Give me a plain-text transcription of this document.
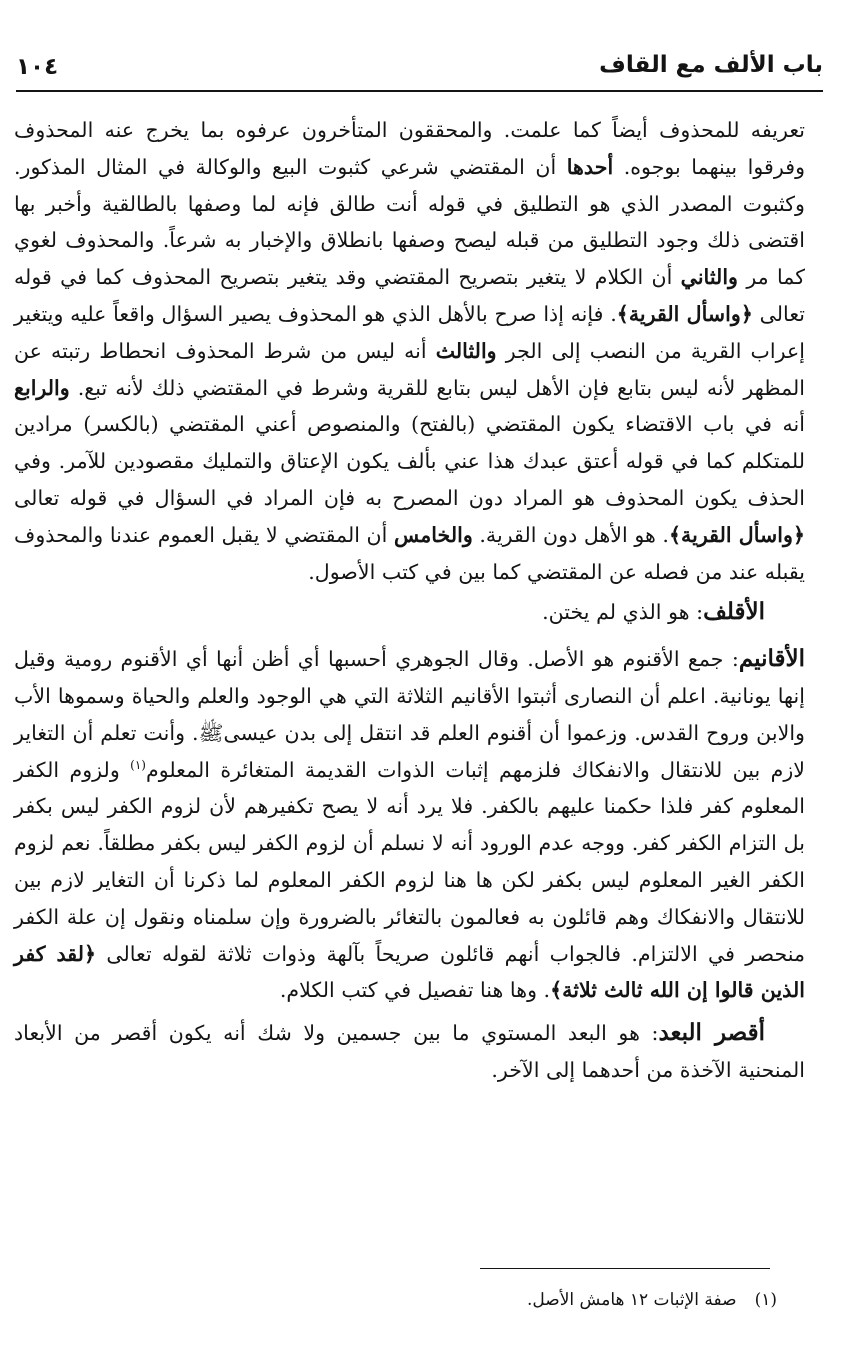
باب الألف مع القاف
١٠٤

تعريفه للمحذوف أيضاً كما علمت. والمحققون المتأخرون عرفوه بما يخرج عنه المحذوف وفرقوا بينهما بوجوه. أحدها أن المقتضي شرعي كثبوت البيع والوكالة في المثال المذكور. وكثبوت المصدر الذي هو التطليق في قوله أنت طالق فإنه لما وصفها بالطالقية وأخبر بها اقتضى ذلك وجود التطليق من قبله ليصح وصفها بانطلاق والإخبار به شرعاً. والمحذوف لغوي كما مر والثاني أن الكلام لا يتغير بتصريح المقتضي وقد يتغير بتصريح المحذوف كما في قوله تعالى ﴿واسأل القرية﴾. فإنه إذا صرح بالأهل الذي هو المحذوف يصير السؤال واقعاً عليه ويتغير إعراب القرية من النصب إلى الجر والثالث أنه ليس من شرط المحذوف انحطاط رتبته عن المظهر لأنه ليس بتابع فإن الأهل ليس بتابع للقرية وشرط في المقتضي ذلك لأنه تبع. والرابع أنه في باب الاقتضاء يكون المقتضي (بالفتح) والمنصوص أعني المقتضي (بالكسر) مرادين للمتكلم كما في قوله أعتق عبدك هذا عني بألف يكون الإعتاق والتمليك مقصودين للآمر. وفي الحذف يكون المحذوف هو المراد دون المصرح به فإن المراد في السؤال في قوله تعالى ﴿واسأل القرية﴾. هو الأهل دون القرية. والخامس أن المقتضي لا يقبل العموم عندنا والمحذوف يقبله عند من فصله عن المقتضي كما بين في كتب الأصول.

الأقلف: هو الذي لم يختن.

الأقانيم: جمع الأقنوم هو الأصل. وقال الجوهري أحسبها أي أظن أنها أي الأقنوم رومية وقيل إنها يونانية. اعلم أن النصارى أثبتوا الأقانيم الثلاثة التي هي الوجود والعلم والحياة وسموها الأب والابن وروح القدس. وزعموا أن أقنوم العلم قد انتقل إلى بدن عيسىﷺ. وأنت تعلم أن التغاير لازم بين للانتقال والانفكاك فلزمهم إثبات الذوات القديمة المتغائرة المعلوم$^{(١)}$ ولزوم الكفر المعلوم كفر فلذا حكمنا عليهم بالكفر. فلا يرد أنه لا يصح تكفيرهم لأن لزوم الكفر ليس بكفر بل التزام الكفر كفر. ووجه عدم الورود أنه لا نسلم أن لزوم الكفر ليس بكفر مطلقاً. نعم لزوم الكفر الغير المعلوم ليس بكفر لكن ها هنا لزوم الكفر المعلوم لما ذكرنا أن التغاير لازم بين للانتقال والانفكاك وهم قائلون به فعالمون بالتغائر بالضرورة وإن سلمناه ونقول إن علة الكفر منحصر في الالتزام. فالجواب أنهم قائلون صريحاً بآلهة وذوات ثلاثة لقوله تعالى ﴿لقد كفر الذين قالوا إن الله ثالث ثلاثة﴾. وها هنا تفصيل في كتب الكلام.

أقصر البعد: هو البعد المستوي ما بين جسمين ولا شك أنه يكون أقصر من الأبعاد المنحنية الآخذة من أحدهما إلى الآخر.

(١)صفة الإثبات ١٢ هامش الأصل.
